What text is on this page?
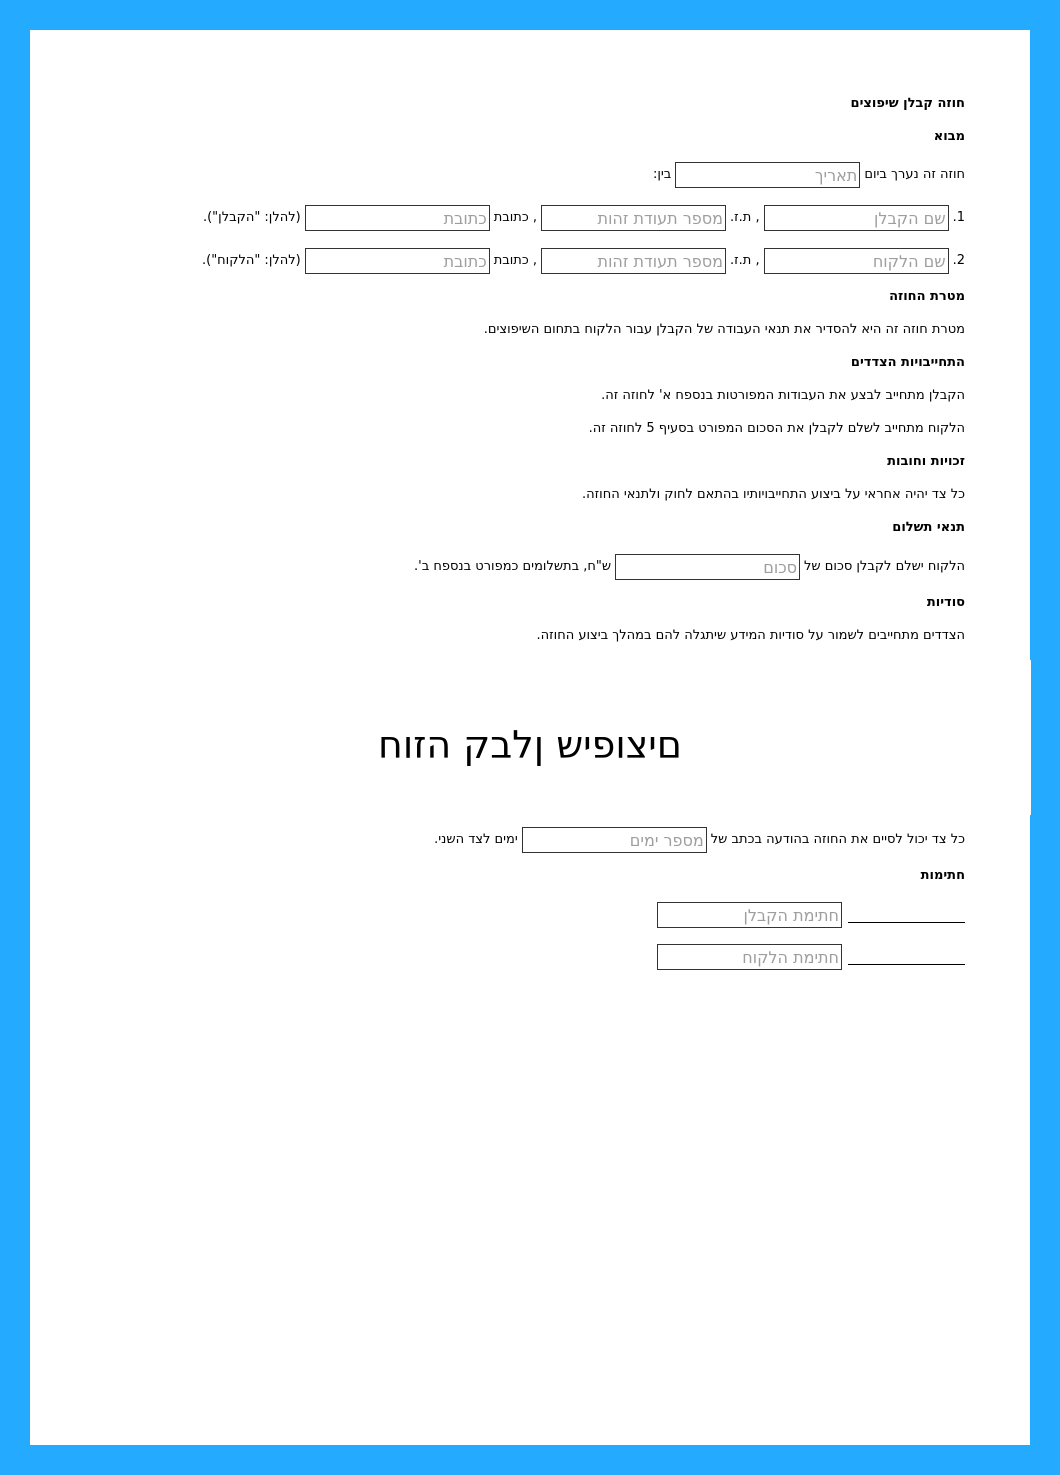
חוזה קבלן שיפוצים
מבוא
חוזה זה נערך ביום
תאריך
בין:
1.
שם הקבלן
, ת.ז.
מספר תעודת זהות
, כתובת
כתובת
(להלן: "הקבלן").
2.
שם הלקוח
, ת.ז.
מספר תעודת זהות
, כתובת
כתובת
(להלן: "הלקוח").
מטרת החוזה
מטרת חוזה זה היא להסדיר את תנאי העבודה של הקבלן עבור הלקוח בתחום השיפוצים.
התחייבויות הצדדים
הקבלן מתחייב לבצע את העבודות המפורטות בנספח א' לחוזה זה.
הלקוח מתחייב לשלם לקבלן את הסכום המפורט בסעיף 5 לחוזה זה.
זכויות וחובות
כל צד יהיה אחראי על ביצוע התחייבויותיו בהתאם לחוק ולתנאי החוזה.
תנאי תשלום
הלקוח ישלם לקבלן סכום של
סכום
ש"ח, בתשלומים כמפורט בנספח ב'.
סודיות
הצדדים מתחייבים לשמור על סודיות המידע שיתגלה להם במהלך ביצוע החוזה.
םיצופיש ןלבק הזוח
כל צד יכול לסיים את החוזה בהודעה בכתב של
מספר ימים
ימים לצד השני.
חתימות
חתימת הקבלן
חתימת הלקוח
